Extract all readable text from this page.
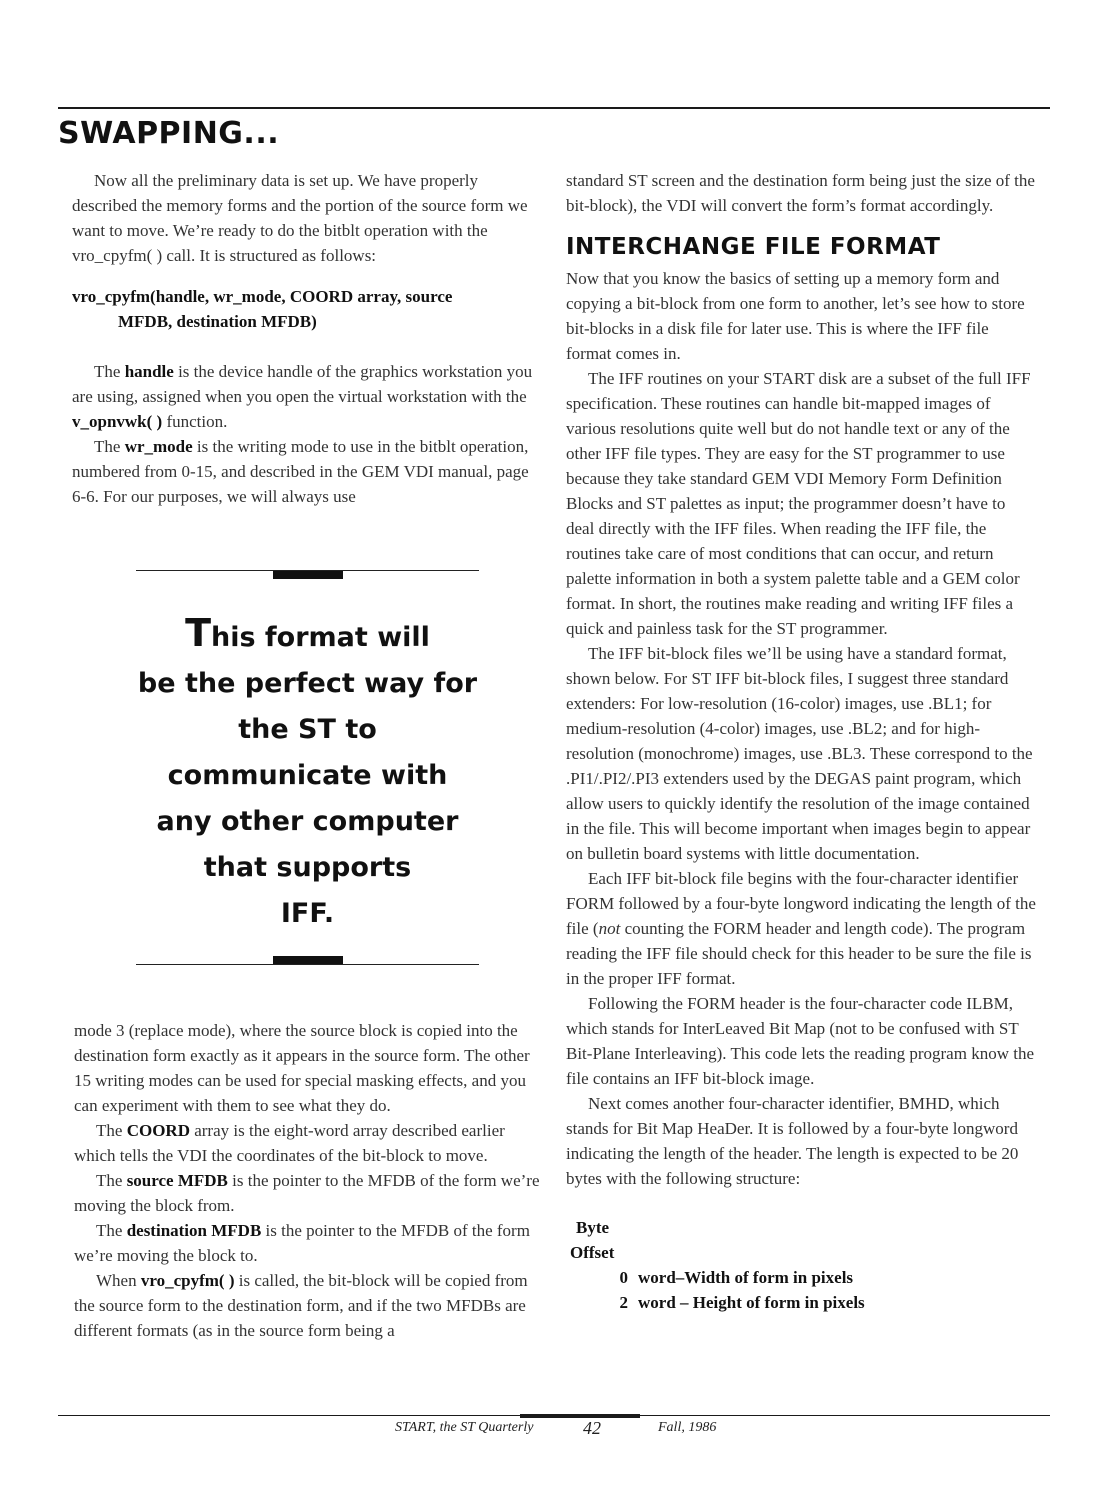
SWAPPING...

Now all the preliminary data is set up. We have properly described the memory forms and the portion of the source form we want to move. We’re ready to do the bitblt operation with the vro_cpyfm( ) call. It is structured as follows:

vro_cpyfm(handle, wr_mode, COORD array, source
MFDB, destination MFDB)

The handle is the device handle of the graphics workstation you are using, assigned when you open the virtual workstation with the v_opnvwk( ) function.

The wr_mode is the writing mode to use in the bitblt operation, numbered from 0-15, and described in the GEM VDI manual, page 6-6. For our purposes, we will always use

This format will
be the perfect way for
the ST to
communicate with
any other computer
that supports
IFF.

mode 3 (replace mode), where the source block is copied into the destination form exactly as it appears in the source form. The other 15 writing modes can be used for special masking effects, and you can experiment with them to see what they do.

The COORD array is the eight-word array described earlier which tells the VDI the coordinates of the bit-block to move.

The source MFDB is the pointer to the MFDB of the form we’re moving the block from.

The destination MFDB is the pointer to the MFDB of the form we’re moving the block to.

When vro_cpyfm( ) is called, the bit-block will be copied from the source form to the destination form, and if the two MFDBs are different formats (as in the source form being a

standard ST screen and the destination form being just the size of the bit-block), the VDI will convert the form’s format accordingly.

INTERCHANGE FILE FORMAT

Now that you know the basics of setting up a memory form and copying a bit-block from one form to another, let’s see how to store bit-blocks in a disk file for later use. This is where the IFF file format comes in.

The IFF routines on your START disk are a subset of the full IFF specification. These routines can handle bit-mapped images of various resolutions quite well but do not handle text or any of the other IFF file types. They are easy for the ST programmer to use because they take standard GEM VDI Memory Form Definition Blocks and ST palettes as input; the programmer doesn’t have to deal directly with the IFF files. When reading the IFF file, the routines take care of most conditions that can occur, and return palette information in both a system palette table and a GEM color format. In short, the routines make reading and writing IFF files a quick and painless task for the ST programmer.

The IFF bit-block files we’ll be using have a standard format, shown below. For ST IFF bit-block files, I suggest three standard extenders: For low-resolution (16-color) images, use .BL1; for medium-resolution (4-color) images, use .BL2; and for high-resolution (monochrome) images, use .BL3. These correspond to the .PI1/.PI2/.PI3 extenders used by the DEGAS paint program, which allow users to quickly identify the resolution of the image contained in the file. This will become important when images begin to appear on bulletin board systems with little documentation.

Each IFF bit-block file begins with the four-character identifier FORM followed by a four-byte longword indicating the length of the file (not counting the FORM header and length code). The program reading the IFF file should check for this header to be sure the file is in the proper IFF format.

Following the FORM header is the four-character code ILBM, which stands for InterLeaved Bit Map (not to be confused with ST Bit-Plane Interleaving). This code lets the reading program know the file contains an IFF bit-block image.

Next comes another four-character identifier, BMHD, which stands for Bit Map HeaDer. It is followed by a four-byte longword indicating the length of the header. The length is expected to be 20 bytes with the following structure:

Byte
Offset
0 word–Width of form in pixels
2 word – Height of form in pixels
START, the ST Quarterly	42	Fall, 1986
